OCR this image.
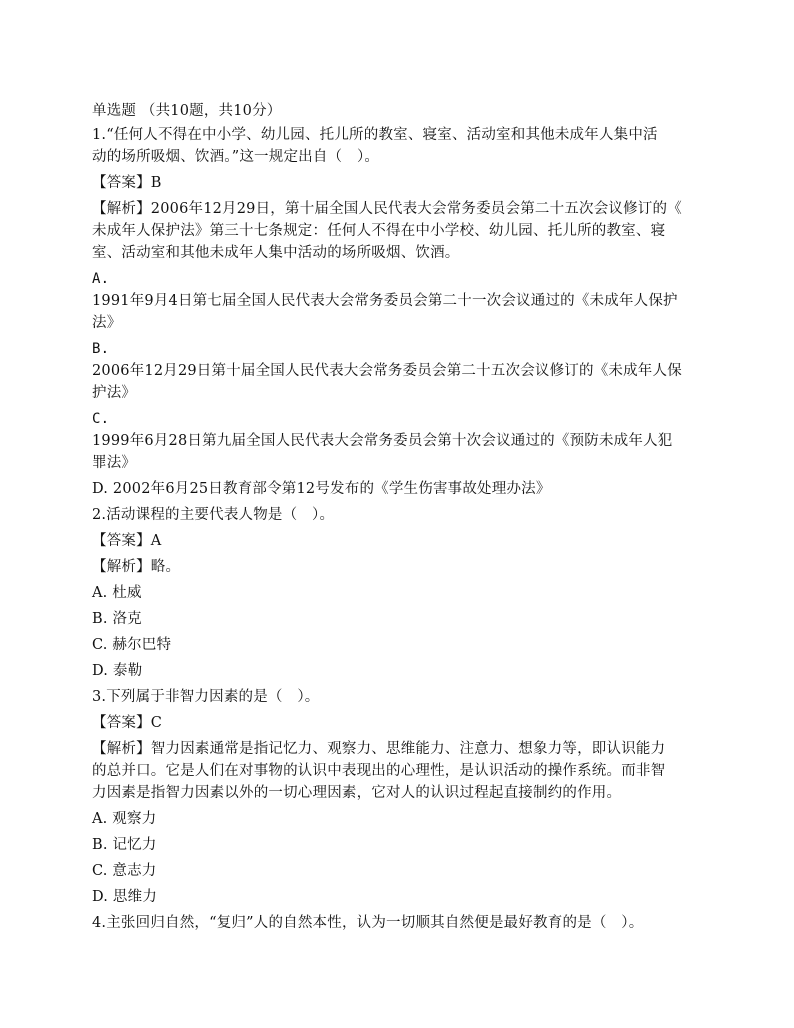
单选题 （共10题，共10分）
1.“任何人不得在中小学、幼儿园、托儿所的教室、寝室、活动室和其他未成年人集中活
动的场所吸烟、饮酒。”这一规定出自（　）。
【答案】B
【解析】2006年12月29日，第十届全国人民代表大会常务委员会第二十五次会议修订的《
未成年人保护法》第三十七条规定：任何人不得在中小学校、幼儿园、托儿所的教室、寝
室、活动室和其他未成年人集中活动的场所吸烟、饮酒。
A.
1991年9月4日第七届全国人民代表大会常务委员会第二十一次会议通过的《未成年人保护
法》
B.
2006年12月29日第十届全国人民代表大会常务委员会第二十五次会议修订的《未成年人保
护法》
C.
1999年6月28日第九届全国人民代表大会常务委员会第十次会议通过的《预防未成年人犯
罪法》
D. 2002年6月25日教育部令第12号发布的《学生伤害事故处理办法》
2.活动课程的主要代表人物是（　）。
【答案】A
【解析】略。
A. 杜威
B. 洛克
C. 赫尔巴特
D. 泰勒
3.下列属于非智力因素的是（　）。
【答案】C
【解析】智力因素通常是指记忆力、观察力、思维能力、注意力、想象力等，即认识能力
的总并口。它是人们在对事物的认识中表现出的心理性，是认识活动的操作系统。而非智
力因素是指智力因素以外的一切心理因素，它对人的认识过程起直接制约的作用。
A. 观察力
B. 记忆力
C. 意志力
D. 思维力
4.主张回归自然，“复归”人的自然本性，认为一切顺其自然便是最好教育的是（　）。
